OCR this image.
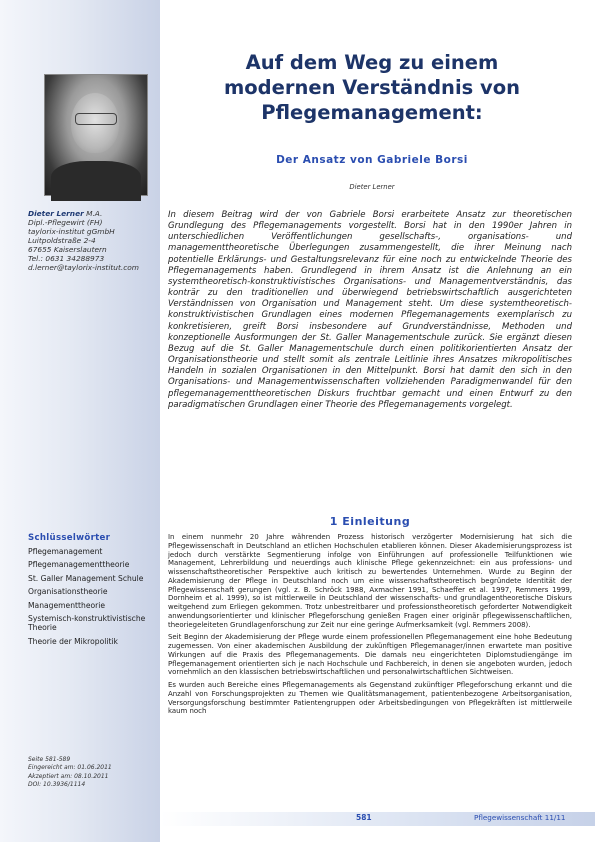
Auf dem Weg zu einem
modernen Verständnis von
Pflegemanagement:
Der Ansatz von Gabriele Borsi
Dieter Lerner
Dieter Lerner M.A.
Dipl.-Pflegewirt (FH)
taylorix-institut gGmbH
Luitpoldstraße 2-4
67655 Kaiserslautern
Tel.: 0631 34288973
d.lerner@taylorix-institut.com
In diesem Beitrag wird der von Gabriele Borsi erarbeitete Ansatz zur theoretischen Grundlegung des Pflegemanagements vorgestellt. Borsi hat in den 1990er Jahren in unterschiedlichen Veröffentlichungen gesellschafts-, organisations- und managementtheoretische Überlegungen zusammengestellt, die ihrer Meinung nach potentielle Erklärungs- und Gestaltungsrelevanz für eine noch zu entwickelnde Theorie des Pflegemanagements haben. Grundlegend in ihrem Ansatz ist die Anlehnung an ein systemtheoretisch-konstruktivistisches Organisations- und Managementverständnis, das konträr zu den traditionellen und überwiegend betriebswirtschaftlich ausgerichteten Verständnissen von Organisation und Management steht. Um diese systemtheoretisch-konstruktivistischen Grundlagen eines modernen Pflegemanagements exemplarisch zu konkretisieren, greift Borsi insbesondere auf Grundverständnisse, Methoden und konzeptionelle Ausformungen der St. Galler Managementschule zurück. Sie ergänzt diesen Bezug auf die St. Galler Managementschule durch einen politikorientierten Ansatz der Organisationstheorie und stellt somit als zentrale Leitlinie ihres Ansatzes mikropolitisches Handeln in sozialen Organisationen in den Mittelpunkt. Borsi hat damit den sich in den Organisations- und Managementwissenschaften vollziehenden Paradigmenwandel für den pflegemanagementtheoretischen Diskurs fruchtbar gemacht und einen Entwurf zu den paradigmatischen Grundlagen einer Theorie des Pflegemanagements vorgelegt.
Schlüsselwörter
Pflegemanagement
Pflegemanagementtheorie
St. Galler Management Schule
Organisationstheorie
Managementtheorie
Systemisch-konstruktivistische Theorie
Theorie der Mikropolitik
1 Einleitung

In einem nunmehr 20 Jahre währenden Prozess historisch verzögerter Modernisierung hat sich die Pflegewissenschaft in Deutschland an etlichen Hochschulen etablieren können. Dieser Akademisierungsprozess ist jedoch durch verstärkte Segmentierung infolge von Einführungen auf professionelle Teilfunktionen wie Management, Lehrerbildung und neuerdings auch klinische Pflege gekennzeichnet: ein aus professions- und wissenschaftstheoretischer Perspektive auch kritisch zu bewertendes Unternehmen. Wurde zu Beginn der Akademisierung der Pflege in Deutschland noch um eine wissenschaftstheoretisch begründete Identität der Pflegewissenschaft gerungen (vgl. z. B. Schröck 1988, Axmacher 1991, Schaeffer et al. 1997, Remmers 1999, Dornheim et al. 1999), so ist mittlerweile in Deutschland der wissenschafts- und grundlagentheoretische Diskurs weitgehend zum Erliegen gekommen. Trotz unbestreitbarer und professionstheoretisch geforderter Notwendigkeit anwendungsorientierter und klinischer Pflegeforschung genießen Fragen einer originär pflegewissenschaftlichen, theoriegeleiteten Grundlagenforschung zur Zeit nur eine geringe Aufmerksamkeit (vgl. Remmers 2008).

Seit Beginn der Akademisierung der Pflege wurde einem professionellen Pflegemanagement eine hohe Bedeutung zugemessen. Von einer akademischen Ausbildung der zukünftigen Pflegemanager/innen erwartete man positive Wirkungen auf die Praxis des Pflegemanagements. Die damals neu eingerichteten Diplomstudiengänge im Pflegemanagement orientierten sich je nach Hochschule und Fachbereich, in denen sie angeboten wurden, jedoch vornehmlich an den klassischen betriebswirtschaftlichen und personalwirtschaftlichen Sichtweisen.

Es wurden auch Bereiche eines Pflegemanagements als Gegenstand zukünftiger Pflegeforschung erkannt und die Anzahl von Forschungsprojekten zu Themen wie Qualitätsmanagement, patientenbezogene Arbeitsorganisation, Versorgungsforschung bestimmter Patientengruppen oder Arbeitsbedingungen von Pflegekräften ist mittlerweile kaum noch

Seite 581-589
Eingereicht am: 01.06.2011
Akzeptiert am: 08.10.2011
DOI: 10.3936/1114
581	Pflegewissenschaft 11/11
